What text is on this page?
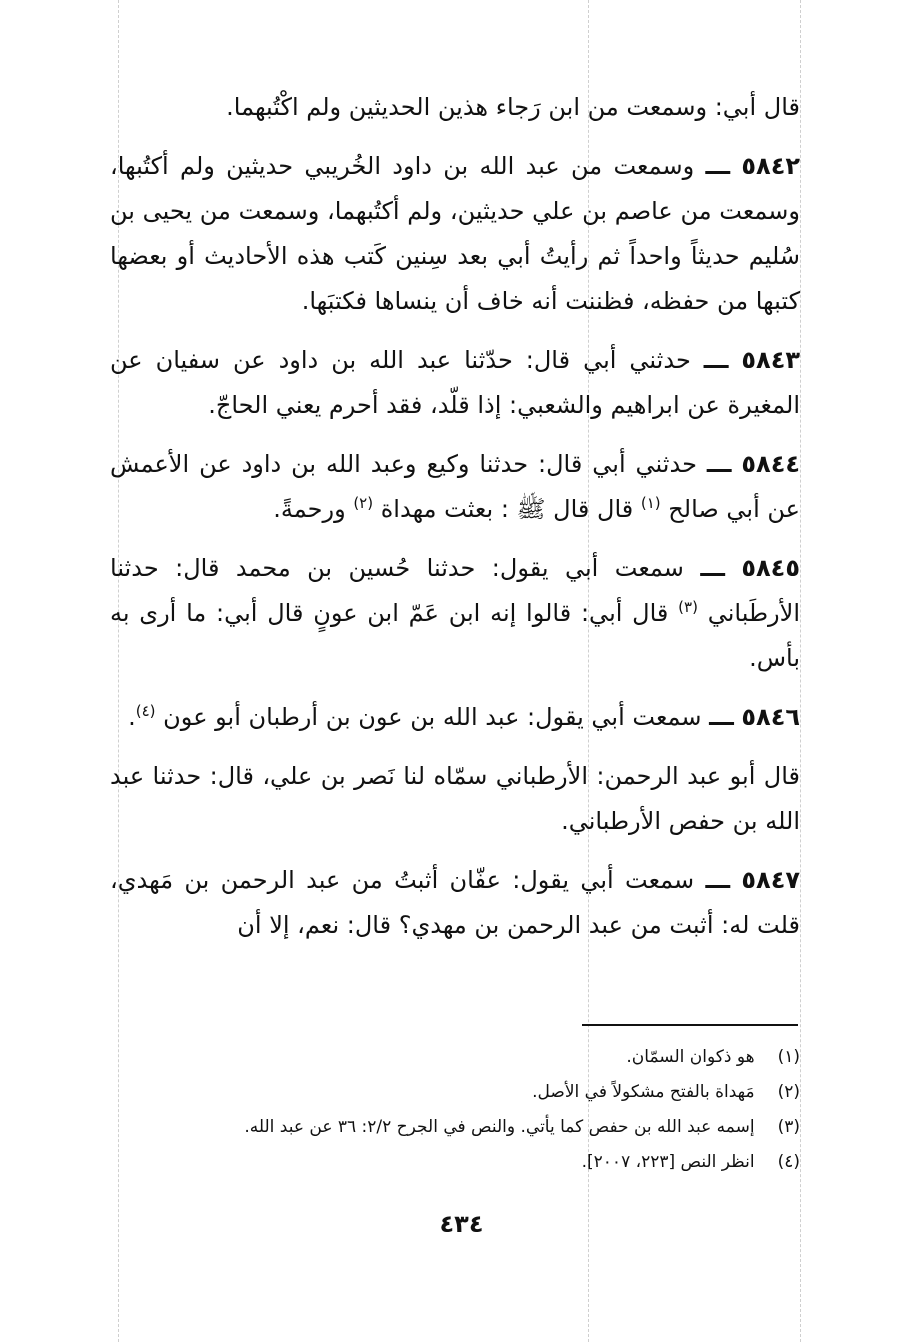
قال أبي: وسمعت من ابن رَجاء هذين الحديثين ولم اكْتُبهما.

٥٨٤٢ ـــ وسمعت من عبد الله بن داود الخُريبي حديثين ولم أكتُبها، وسمعت من عاصم بن علي حديثين، ولم أكتُبهما، وسمعت من يحيى بن سُليم حديثاً واحداً ثم رأيتُ أبي بعد سِنين كَتب هذه الأحاديث أو بعضها كتبها من حفظه، فظننت أنه خاف أن ينساها فكتبَها.

٥٨٤٣ ـــ حدثني أبي قال: حدّثنا عبد الله بن داود عن سفيان عن المغيرة عن ابراهيم والشعبي: إذا قلّد، فقد أحرم يعني الحاجّ.

٥٨٤٤ ـــ حدثني أبي قال: حدثنا وكيع وعبد الله بن داود عن الأعمش عن أبي صالح $^{(١)}$ قال قال ﷺ : بعثت مهداة $^{(٢)}$ ورحمةً.

٥٨٤٥ ـــ سمعت أبي يقول: حدثنا حُسين بن محمد قال: حدثنا الأرطَباني $^{(٣)}$ قال أبي: قالوا إنه ابن عَمّ ابن عونٍ قال أبي: ما أرى به بأس.

٥٨٤٦ ـــ سمعت أبي يقول: عبد الله بن عون بن أرطبان أبو عون $^{(٤)}$.

قال أبو عبد الرحمن: الأرطباني سمّاه لنا نَصر بن علي، قال: حدثنا عبد الله بن حفص الأرطباني.

٥٨٤٧ ـــ سمعت أبي يقول: عفّان أثبتُ من عبد الرحمن بن مَهدي، قلت له: أثبت من عبد الرحمن بن مهدي؟ قال: نعم، إلا أن

(١) هو ذكوان السمّان.
(٢) مَهداة بالفتح مشكولاً في الأصل.
(٣) إسمه عبد الله بن حفص كما يأتي. والنص في الجرح ٢/٢: ٣٦ عن عبد الله.
(٤) انظر النص [٢٢٣، ٢٠٠٧].
٤٣٤
